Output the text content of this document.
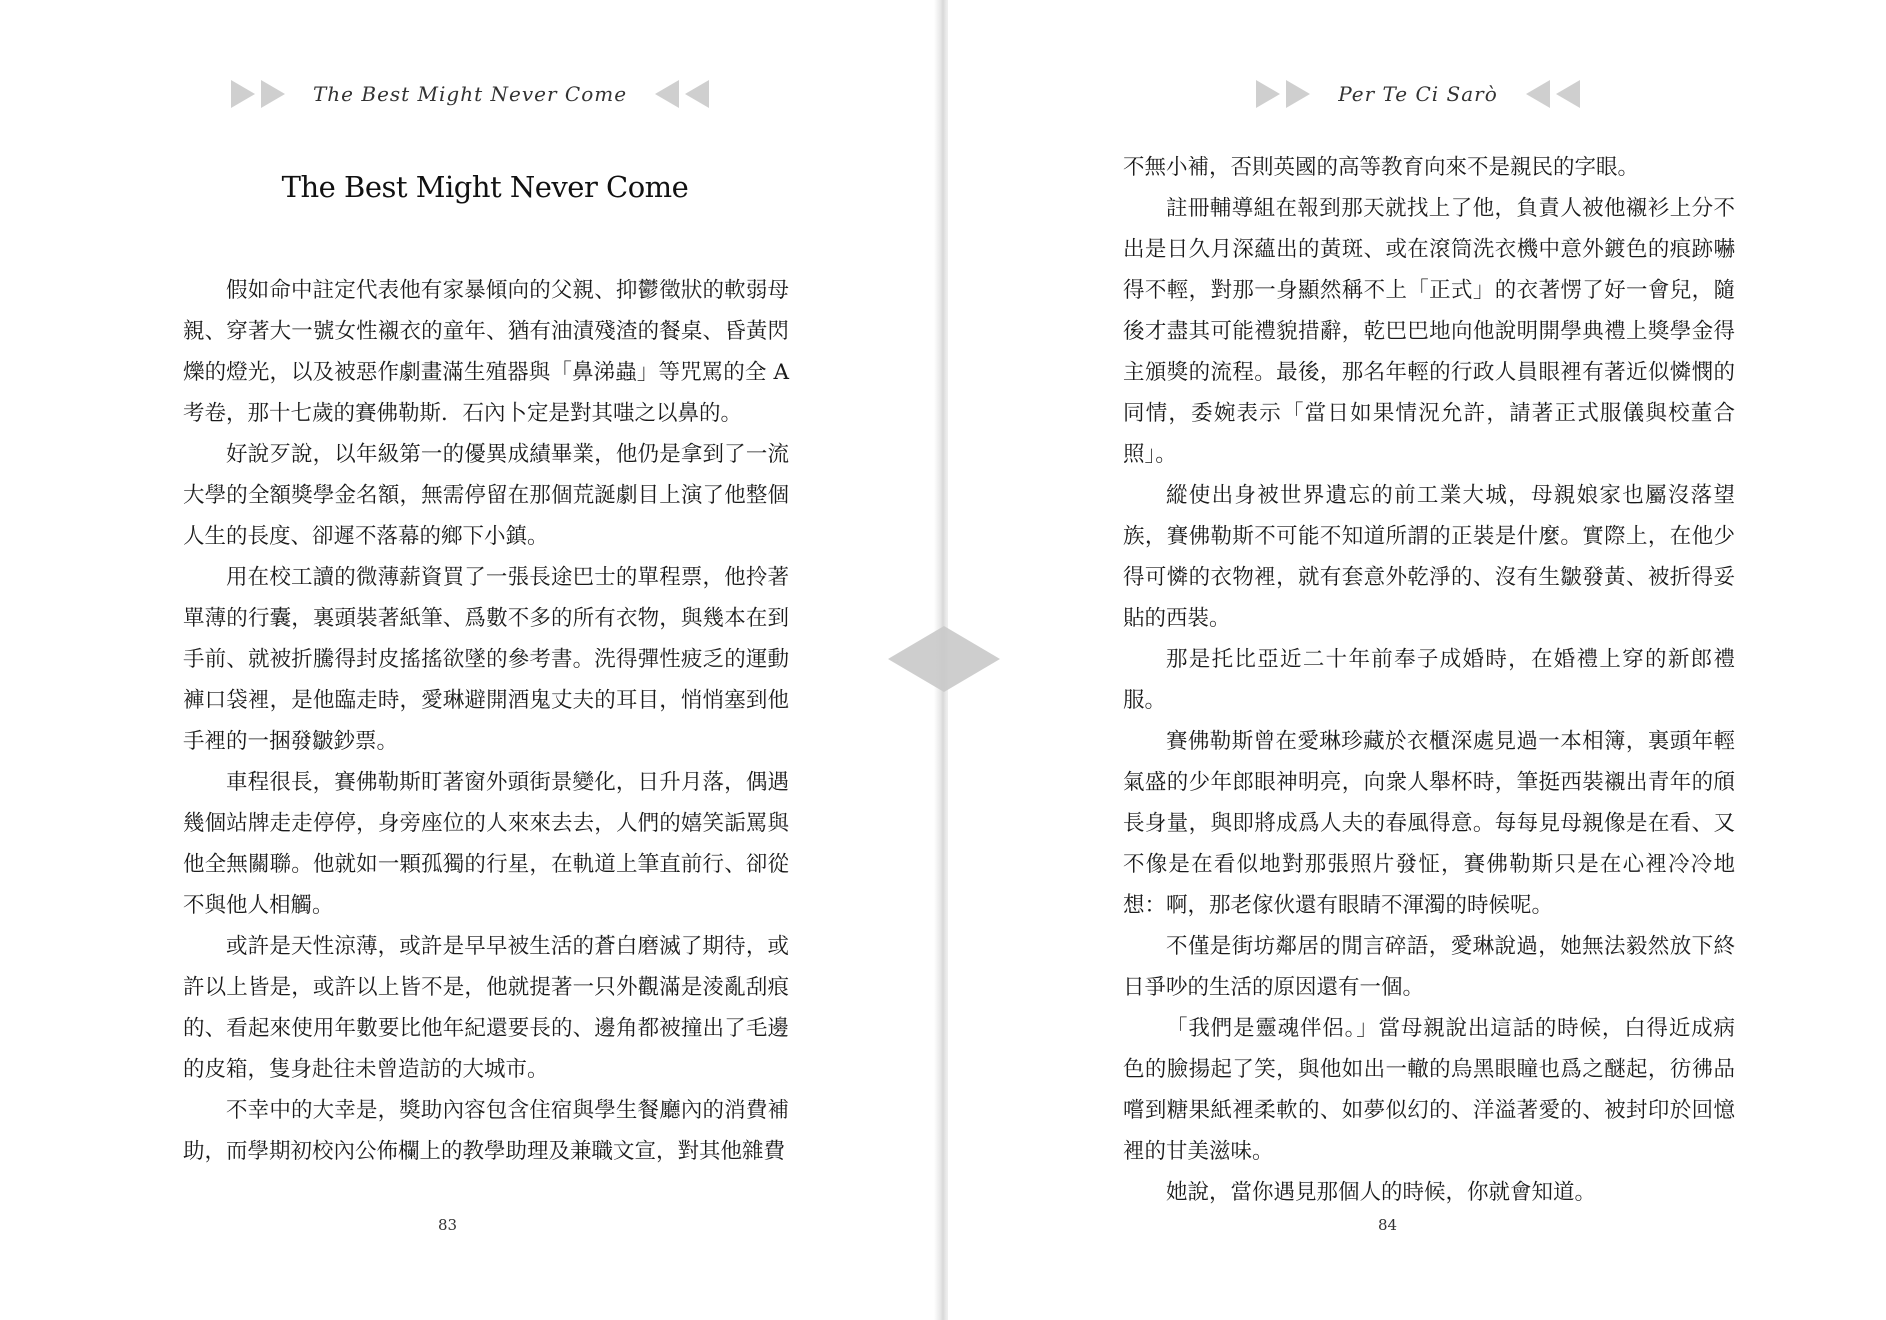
The Best Might Never Come
The Best Might Never Come

假如命中註定代表他有家暴傾向的父親、抑鬱徵狀的軟弱母親、穿著大一號女性襯衣的童年、猶有油漬殘渣的餐桌、昏黃閃爍的燈光，以及被惡作劇畫滿生殖器與「鼻涕蟲」等咒罵的全 A 考卷，那十七歲的賽佛勒斯．石內卜定是對其嗤之以鼻的。

好說歹說，以年級第一的優異成績畢業，他仍是拿到了一流大學的全額獎學金名額，無需停留在那個荒誕劇目上演了他整個人生的長度、卻遲不落幕的鄉下小鎮。

用在校工讀的微薄薪資買了一張長途巴士的單程票，他拎著單薄的行囊，裏頭裝著紙筆、爲數不多的所有衣物，與幾本在到手前、就被折騰得封皮搖搖欲墜的參考書。洗得彈性疲乏的運動褲口袋裡，是他臨走時，愛琳避開酒鬼丈夫的耳目，悄悄塞到他手裡的一捆發皺鈔票。

車程很長，賽佛勒斯盯著窗外頭街景變化，日升月落，偶遇幾個站牌走走停停，身旁座位的人來來去去，人們的嬉笑詬罵與他全無關聯。他就如一顆孤獨的行星，在軌道上筆直前行、卻從不與他人相觸。

或許是天性涼薄，或許是早早被生活的蒼白磨滅了期待，或許以上皆是，或許以上皆不是，他就提著一只外觀滿是淩亂刮痕的、看起來使用年數要比他年紀還要長的、邊角都被撞出了毛邊的皮箱，隻身赴往未曾造訪的大城市。

不幸中的大幸是，獎助內容包含住宿與學生餐廳內的消費補助，而學期初校內公佈欄上的教學助理及兼職文宣，對其他雜費

83
Per Te Ci Sarò

不無小補，否則英國的高等教育向來不是親民的字眼。

註冊輔導組在報到那天就找上了他，負責人被他襯衫上分不出是日久月深蘊出的黃斑、或在滾筒洗衣機中意外鍍色的痕跡嚇得不輕，對那一身顯然稱不上「正式」的衣著愣了好一會兒，隨後才盡其可能禮貌措辭，乾巴巴地向他說明開學典禮上獎學金得主頒獎的流程。最後，那名年輕的行政人員眼裡有著近似憐憫的同情，委婉表示「當日如果情況允許，請著正式服儀與校董合照」。

縱使出身被世界遺忘的前工業大城，母親娘家也屬沒落望族，賽佛勒斯不可能不知道所謂的正裝是什麼。實際上，在他少得可憐的衣物裡，就有套意外乾淨的、沒有生皺發黃、被折得妥貼的西裝。

那是托比亞近二十年前奉子成婚時，在婚禮上穿的新郎禮服。

賽佛勒斯曾在愛琳珍藏於衣櫃深處見過一本相簿，裏頭年輕氣盛的少年郎眼神明亮，向衆人舉杯時，筆挺西裝襯出青年的頎長身量，與即將成爲人夫的春風得意。每每見母親像是在看、又不像是在看似地對那張照片發怔，賽佛勒斯只是在心裡冷冷地想：啊，那老傢伙還有眼睛不渾濁的時候呢。

不僅是街坊鄰居的閒言碎語，愛琳說過，她無法毅然放下終日爭吵的生活的原因還有一個。

「我們是靈魂伴侶。」當母親說出這話的時候，白得近成病色的臉揚起了笑，與他如出一轍的烏黑眼瞳也爲之醚起，彷彿品嚐到糖果紙裡柔軟的、如夢似幻的、洋溢著愛的、被封印於回憶裡的甘美滋味。

她說，當你遇見那個人的時候，你就會知道。

84
